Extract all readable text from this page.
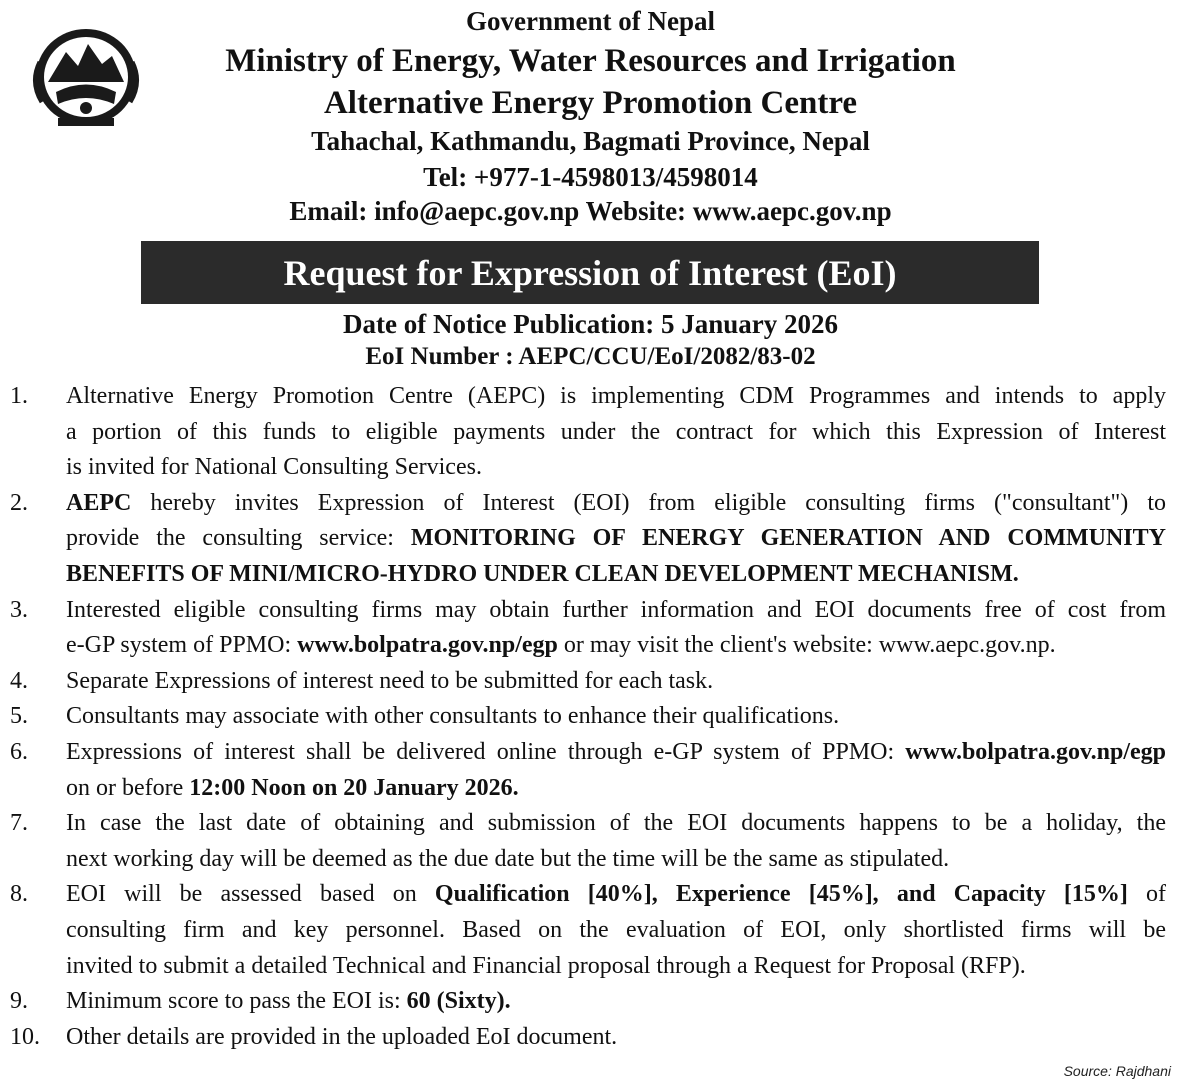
Government of Nepal
Ministry of Energy, Water Resources and Irrigation
Alternative Energy Promotion Centre
Tahachal, Kathmandu, Bagmati Province, Nepal
Tel: +977-1-4598013/4598014
Email: info@aepc.gov.np Website: www.aepc.gov.np
Request for Expression of Interest (EoI)
Date of Notice Publication: 5 January 2026
EoI Number : AEPC/CCU/EoI/2082/83-02
1.	Alternative Energy Promotion Centre (AEPC) is implementing CDM Programmes and intends to apply
a portion of this funds to eligible payments under the contract for which this Expression of Interest
is invited for National Consulting Services.
2.	AEPC hereby invites Expression of Interest (EOI) from eligible consulting firms ("consultant") to
provide the consulting service: MONITORING OF ENERGY GENERATION AND COMMUNITY
BENEFITS OF MINI/MICRO-HYDRO UNDER CLEAN DEVELOPMENT MECHANISM.
3.	Interested eligible consulting firms may obtain further information and EOI documents free of cost from
e-GP system of PPMO: www.bolpatra.gov.np/egp or may visit the client's website: www.aepc.gov.np.
4.	Separate Expressions of interest need to be submitted for each task.
5.	Consultants may associate with other consultants to enhance their qualifications.
6.	Expressions of interest shall be delivered online through e-GP system of PPMO: www.bolpatra.gov.np/egp
on or before 12:00 Noon on 20 January 2026.
7.	In case the last date of obtaining and submission of the EOI documents happens to be a holiday, the
next working day will be deemed as the due date but the time will be the same as stipulated.
8.	EOI will be assessed based on Qualification [40%], Experience [45%], and Capacity [15%] of
consulting firm and key personnel. Based on the evaluation of EOI, only shortlisted firms will be
invited to submit a detailed Technical and Financial proposal through a Request for Proposal (RFP).
9.	Minimum score to pass the EOI is: 60 (Sixty).
10.	Other details are provided in the uploaded EoI document.
Source: Rajdhani
